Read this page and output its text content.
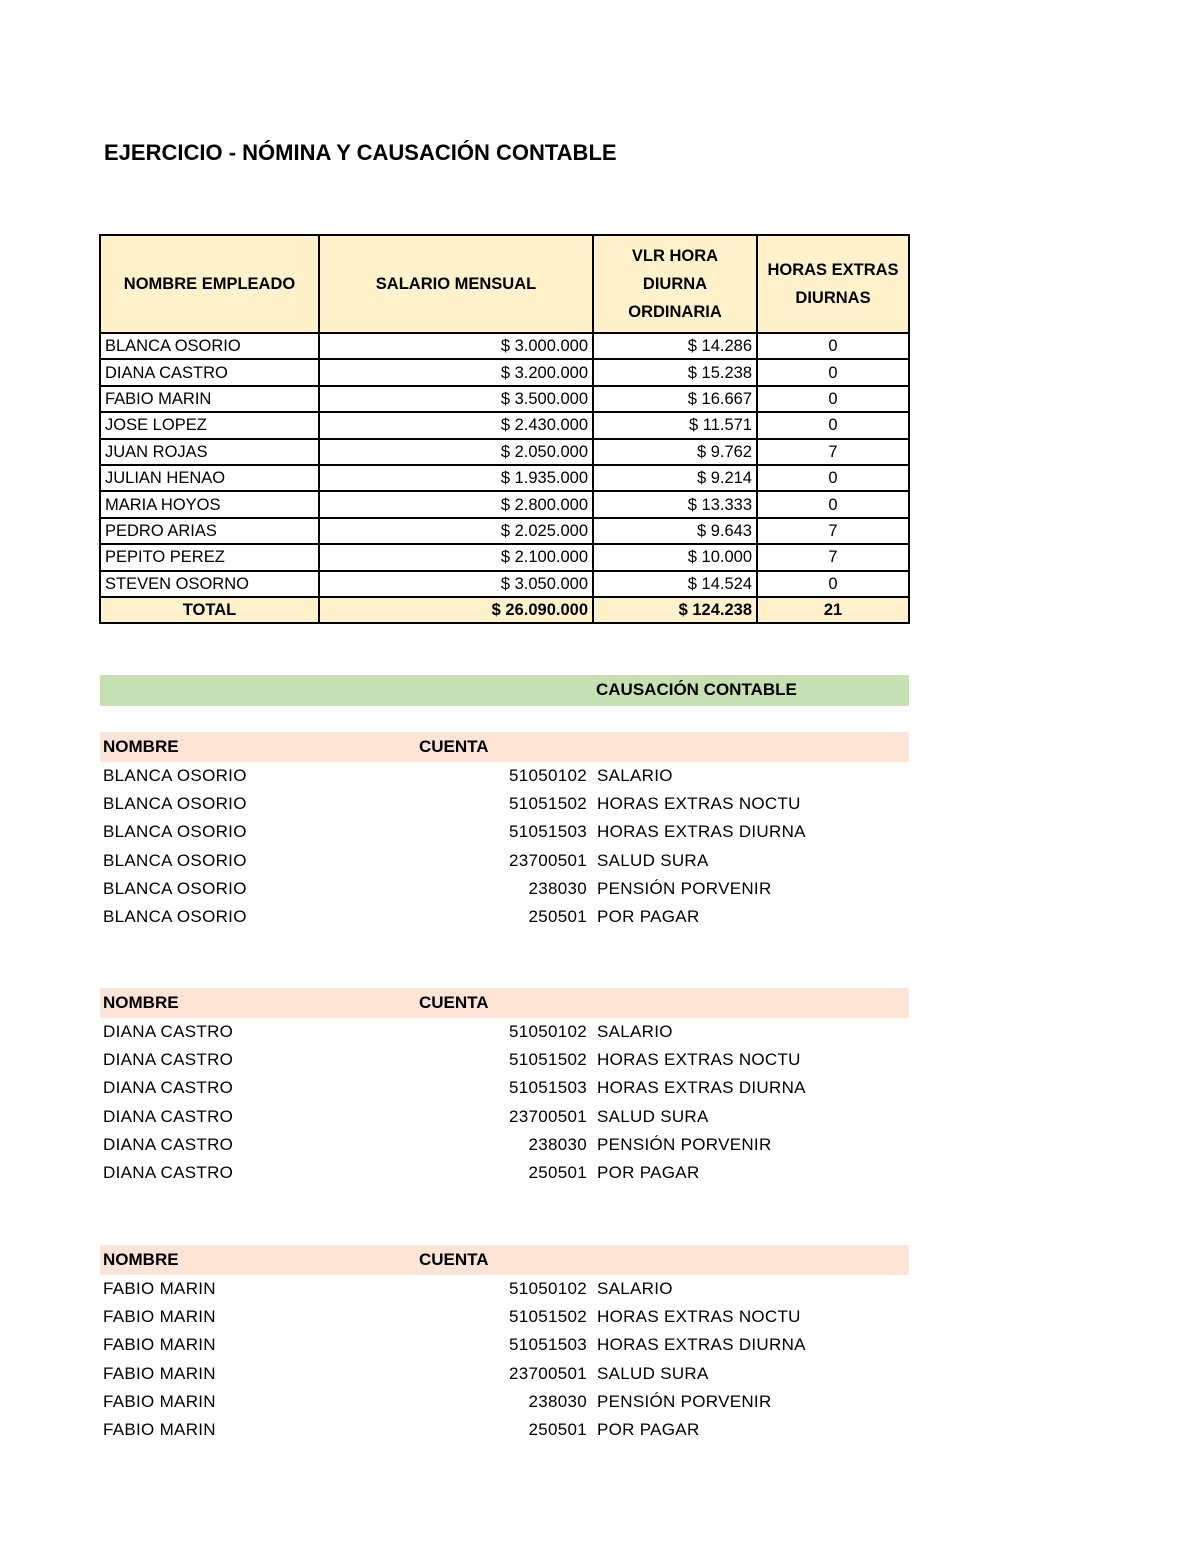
EJERCICIO - NÓMINA Y CAUSACIÓN CONTABLE
NOMBRE EMPLEADO	SALARIO MENSUAL	VLR HORA DIURNA ORDINARIA	HORAS EXTRAS DIURNAS
BLANCA OSORIO	$ 3.000.000	$ 14.286	0
DIANA CASTRO	$ 3.200.000	$ 15.238	0
FABIO MARIN	$ 3.500.000	$ 16.667	0
JOSE LOPEZ	$ 2.430.000	$ 11.571	0
JUAN ROJAS	$ 2.050.000	$ 9.762	7
JULIAN HENAO	$ 1.935.000	$ 9.214	0
MARIA HOYOS	$ 2.800.000	$ 13.333	0
PEDRO ARIAS	$ 2.025.000	$ 9.643	7
PEPITO PEREZ	$ 2.100.000	$ 10.000	7
STEVEN OSORNO	$ 3.050.000	$ 14.524	0
TOTAL	$ 26.090.000	$ 124.238	21
CAUSACIÓN CONTABLE
NOMBRE	CUENTA
BLANCA OSORIO	51050102 SALARIO
BLANCA OSORIO	51051502 HORAS EXTRAS NOCTU
BLANCA OSORIO	51051503 HORAS EXTRAS DIURNA
BLANCA OSORIO	23700501 SALUD SURA
BLANCA OSORIO	238030 PENSIÓN PORVENIR
BLANCA OSORIO	250501 POR PAGAR
NOMBRE	CUENTA
DIANA CASTRO	51050102 SALARIO
DIANA CASTRO	51051502 HORAS EXTRAS NOCTU
DIANA CASTRO	51051503 HORAS EXTRAS DIURNA
DIANA CASTRO	23700501 SALUD SURA
DIANA CASTRO	238030 PENSIÓN PORVENIR
DIANA CASTRO	250501 POR PAGAR
NOMBRE	CUENTA
FABIO MARIN	51050102 SALARIO
FABIO MARIN	51051502 HORAS EXTRAS NOCTU
FABIO MARIN	51051503 HORAS EXTRAS DIURNA
FABIO MARIN	23700501 SALUD SURA
FABIO MARIN	238030 PENSIÓN PORVENIR
FABIO MARIN	250501 POR PAGAR
